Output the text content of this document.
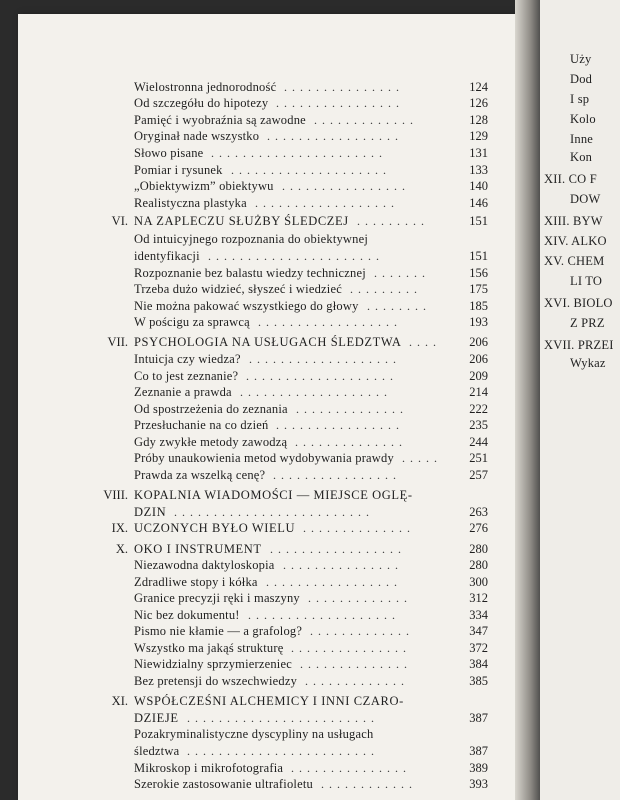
Wielostronna jednorodność ...............	124
Od szczegółu do hipotezy ................	126
Pamięć i wyobraźnia są zawodne .............	128
Oryginał nade wszystko .................	129
Słowo pisane ......................	131
Pomiar i rysunek ....................	133
„Obiektywizm” obiektywu ................	140
Realistyczna plastyka ..................	146
VI. NA ZAPLECZU SŁUŻBY ŚLEDCZEJ .........	151
Od intuicyjnego rozpoznania do obiektywnej
identyfikacji ......................	151
Rozpoznanie bez balastu wiedzy technicznej .......	156
Trzeba dużo widzieć, słyszeć i wiedzieć .........	175
Nie można pakować wszystkiego do głowy ........	185
W pościgu za sprawcą ..................	193
VII. PSYCHOLOGIA NA USŁUGACH ŚLEDZTWA ....	206
Intuicja czy wiedza? ...................	206
Co to jest zeznanie? ...................	209
Zeznanie a prawda ...................	214
Od spostrzeżenia do zeznania ..............	222
Przesłuchanie na co dzień ................	235
Gdy zwykłe metody zawodzą ..............	244
Próby unaukowienia metod wydobywania prawdy .....	251
Prawda za wszelką cenę? ................	257
VIII. KOPALNIA WIADOMOŚCI — MIEJSCE OGLĘ-
DZIN .........................	263
IX. UCZONYCH BYŁO WIELU ..............	276
X. OKO I INSTRUMENT .................	280
Niezawodna daktyloskopia ...............	280
Zdradliwe stopy i kółka .................	300
Granice precyzji ręki i maszyny .............	312
Nic bez dokumentu! ...................	334
Pismo nie kłamie — a grafolog? .............	347
Wszystko ma jakąś strukturę ...............	372
Niewidzialny sprzymierzeniec ..............	384
Bez pretensji do wszechwiedzy .............	385
XI. WSPÓŁCZEŚNI ALCHEMICY I INNI CZARO-
DZIEJE ........................	387
Pozakryminalistyczne dyscypliny na usługach
śledztwa ........................	387
Mikroskop i mikrofotografia ...............	389
Szerokie zastosowanie ultrafioletu ............	393
Uży
Dod
I sp
Kolo
Inne
Kon
XII. CO F
DOW
XIII. BYW
XIV. ALKO
XV. CHEM
LI TO
XVI. BIOLO
Z PRZ
XVII. PRZEI
Wykaz
